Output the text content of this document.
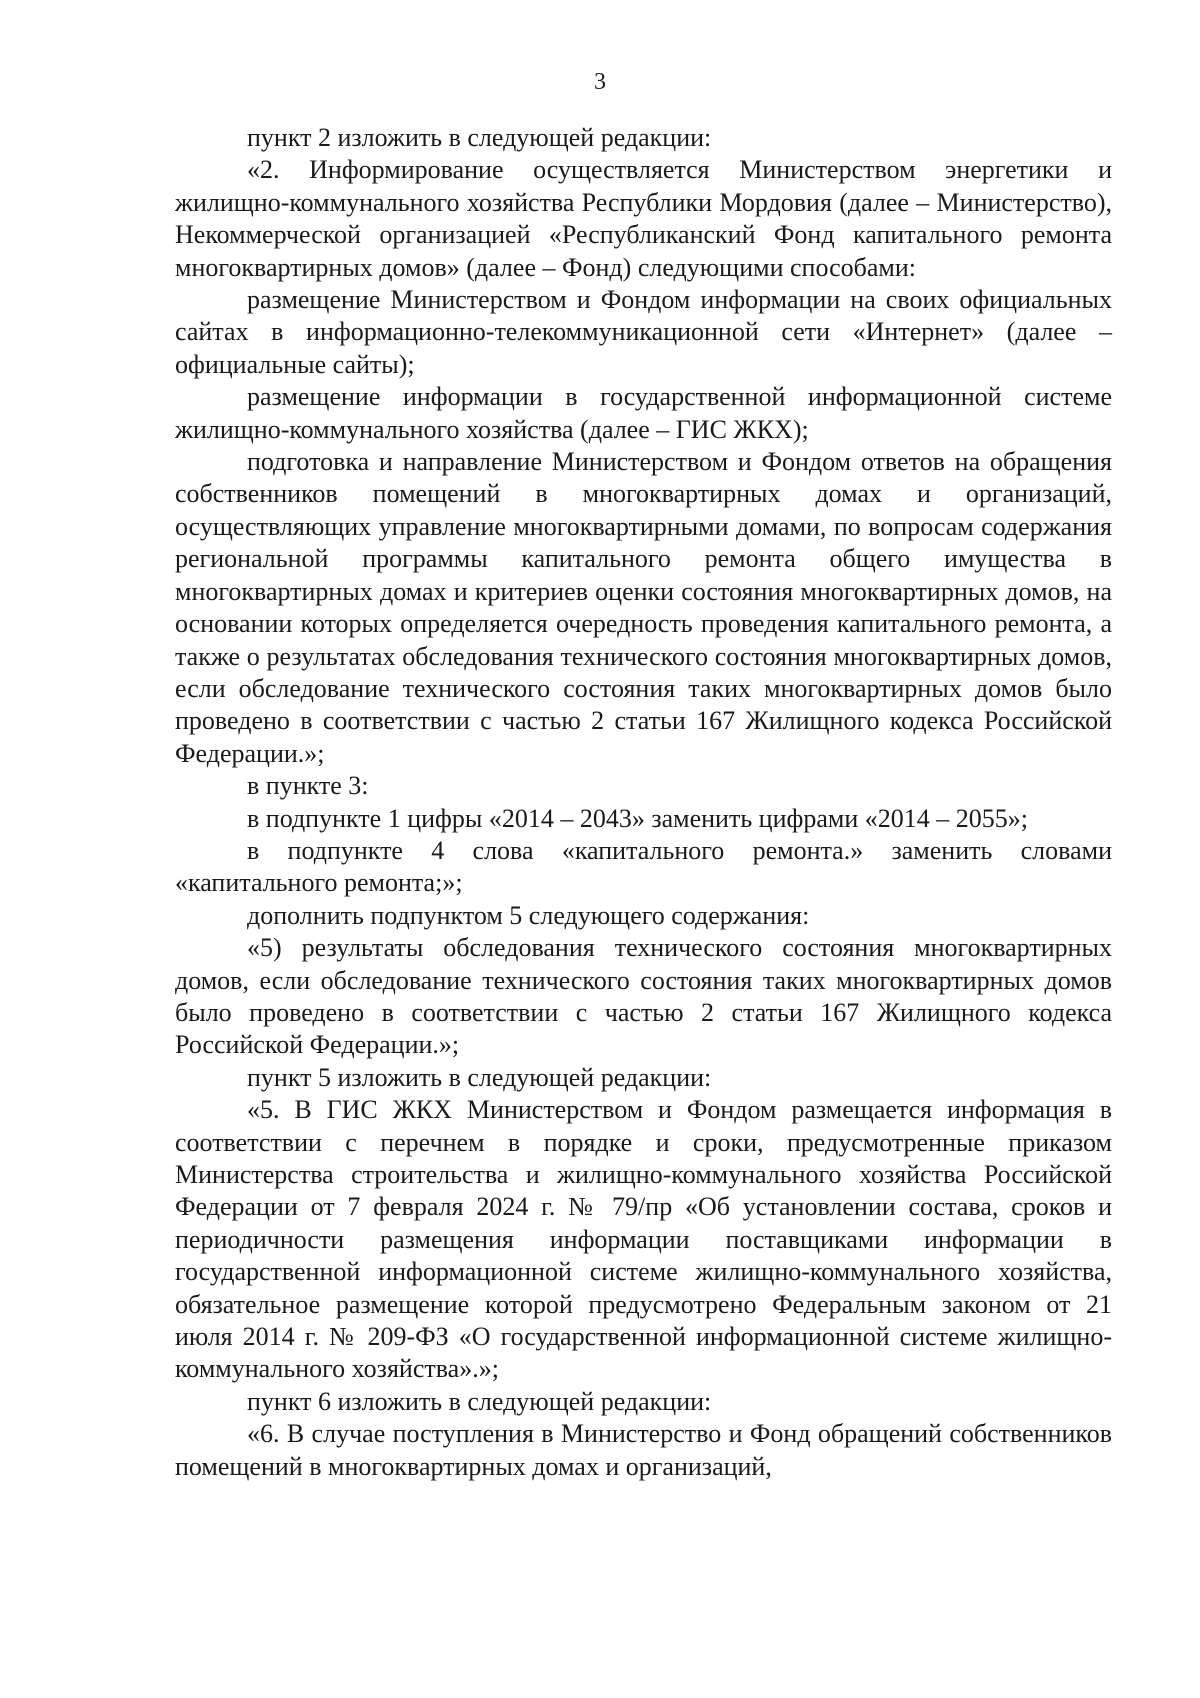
3

пункт 2 изложить в следующей редакции:

«2. Информирование осуществляется Министерством энергетики и жилищно-коммунального хозяйства Республики Мордовия (далее – Министерство), Некоммерческой организацией «Республиканский Фонд капитального ремонта многоквартирных домов» (далее – Фонд) следующими способами:

размещение Министерством и Фондом информации на своих официальных сайтах в информационно-телекоммуникационной сети «Интернет» (далее – официальные сайты);

размещение информации в государственной информационной системе жилищно-коммунального хозяйства (далее – ГИС ЖКХ);

подготовка и направление Министерством и Фондом ответов на обращения собственников помещений в многоквартирных домах и организаций, осуществляющих управление многоквартирными домами, по вопросам содержания региональной программы капитального ремонта общего имущества в многоквартирных домах и критериев оценки состояния многоквартирных домов, на основании которых определяется очередность проведения капитального ремонта, а также о результатах обследования технического состояния многоквартирных домов, если обследование технического состояния таких многоквартирных домов было проведено в соответствии с частью 2 статьи 167 Жилищного кодекса Российской Федерации.»;

в пункте 3:

в подпункте 1 цифры «2014 – 2043» заменить цифрами «2014 – 2055»;

в подпункте 4 слова «капитального ремонта.» заменить словами «капитального ремонта;»;

дополнить подпунктом 5 следующего содержания:

«5) результаты обследования технического состояния многоквартирных домов, если обследование технического состояния таких многоквартирных домов было проведено в соответствии с частью 2 статьи 167 Жилищного кодекса Российской Федерации.»;

пункт 5 изложить в следующей редакции:

«5. В ГИС ЖКХ Министерством и Фондом размещается информация в соответствии с перечнем в порядке и сроки, предусмотренные приказом Министерства строительства и жилищно-коммунального хозяйства Российской Федерации от 7 февраля 2024 г. № 79/пр «Об установлении состава, сроков и периодичности размещения информации поставщиками информации в государственной информационной системе жилищно-коммунального хозяйства, обязательное размещение которой предусмотрено Федеральным законом от 21 июля 2014 г. № 209-ФЗ «О государственной информационной системе жилищно-коммунального хозяйства».»;

пункт 6 изложить в следующей редакции:

«6. В случае поступления в Министерство и Фонд обращений собственников помещений в многоквартирных домах и организаций,
